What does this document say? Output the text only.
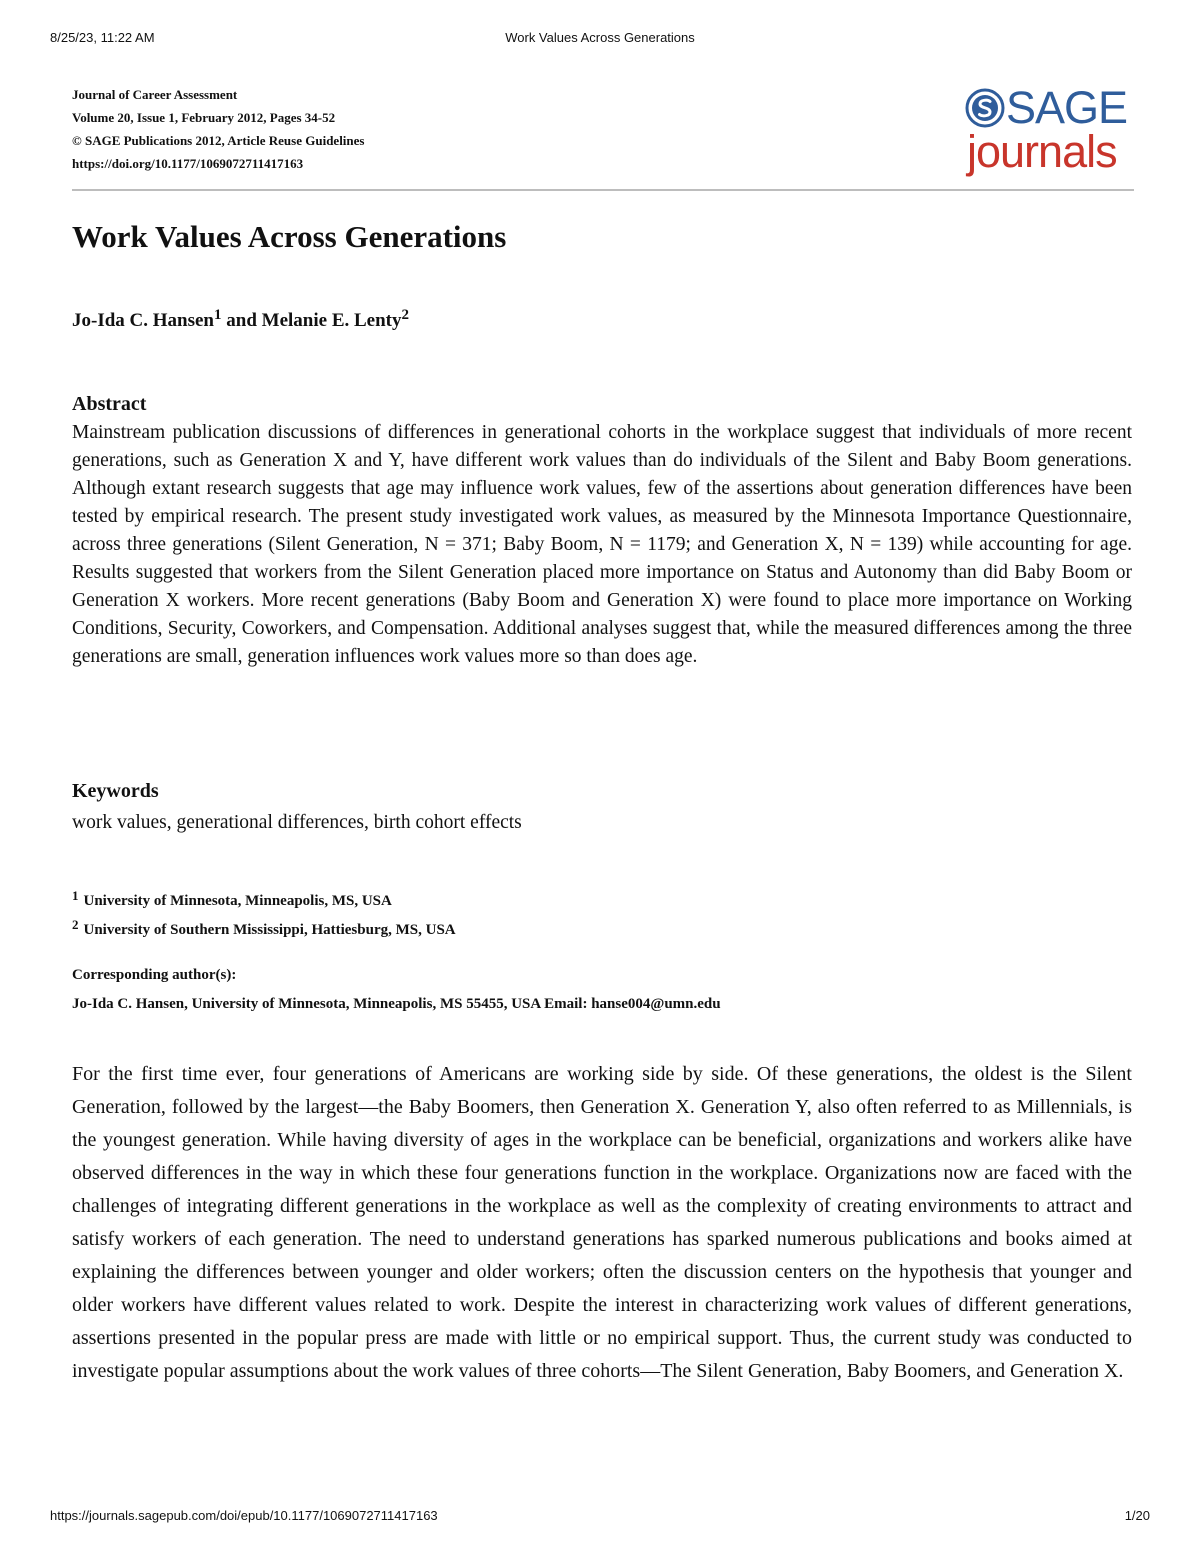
8/25/23, 11:22 AM	Work Values Across Generations
Journal of Career Assessment
Volume 20, Issue 1, February 2012, Pages 34-52
© SAGE Publications 2012, Article Reuse Guidelines
https://doi.org/10.1177/1069072711417163
SAGE
journals
Work Values Across Generations
Jo-Ida C. Hansen$^1$ and Melanie E. Lenty$^2$
Abstract

Mainstream publication discussions of differences in generational cohorts in the workplace suggest that individuals of more recent generations, such as Generation X and Y, have different work values than do individuals of the Silent and Baby Boom generations. Although extant research suggests that age may influence work values, few of the assertions about generation differences have been tested by empirical research. The present study investigated work values, as measured by the Minnesota Importance Questionnaire, across three generations (Silent Generation, N = 371; Baby Boom, N = 1179; and Generation X, N = 139) while accounting for age. Results suggested that workers from the Silent Generation placed more importance on Status and Autonomy than did Baby Boom or Generation X workers. More recent generations (Baby Boom and Generation X) were found to place more importance on Working Conditions, Security, Coworkers, and Compensation. Additional analyses suggest that, while the measured differences among the three generations are small, generation influences work values more so than does age.

Keywords
work values, generational differences, birth cohort effects
$^1$ University of Minnesota, Minneapolis, MS, USA
$^2$ University of Southern Mississippi, Hattiesburg, MS, USA
Corresponding author(s):
Jo-Ida C. Hansen, University of Minnesota, Minneapolis, MS 55455, USA Email: hanse004@umn.edu

For the first time ever, four generations of Americans are working side by side. Of these generations, the oldest is the Silent Generation, followed by the largest—the Baby Boomers, then Generation X. Generation Y, also often referred to as Millennials, is the youngest generation. While having diversity of ages in the workplace can be beneficial, organizations and workers alike have observed differences in the way in which these four generations function in the workplace. Organizations now are faced with the challenges of integrating different generations in the workplace as well as the complexity of creating environments to attract and satisfy workers of each generation. The need to understand generations has sparked numerous publications and books aimed at explaining the differences between younger and older workers; often the discussion centers on the hypothesis that younger and older workers have different values related to work. Despite the interest in characterizing work values of different generations, assertions presented in the popular press are made with little or no empirical support. Thus, the current study was conducted to investigate popular assumptions about the work values of three cohorts—The Silent Generation, Baby Boomers, and Generation X.

https://journals.sagepub.com/doi/epub/10.1177/1069072711417163	1/20
